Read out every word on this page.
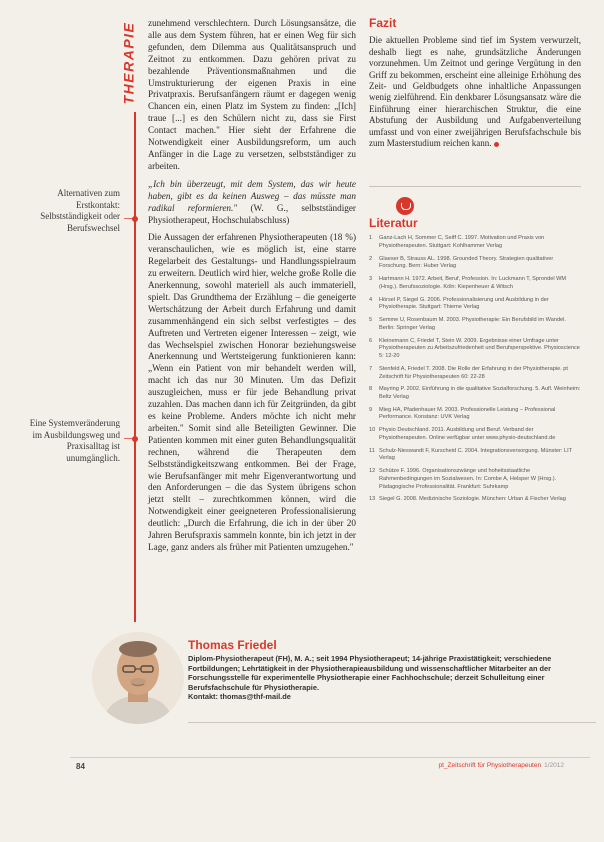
THERAPIE
Alternativen zum Erstkontakt: Selbstständigkeit oder Berufswechsel
Eine Systemveränderung im Ausbildungsweg und Praxisalltag ist unumgänglich.

zunehmend verschlechtern. Durch Lösungsansätze, die alle aus dem System führen, hat er einen Weg für sich gefunden, dem Dilemma aus Qualitätsanspruch und Zeitnot zu entkommen. Dazu gehören privat zu bezahlende Präventionsmaßnahmen und die Umstrukturierung der eigenen Praxis in eine Privatpraxis. Berufsanfängern räumt er dagegen wenig Chancen ein, einen Platz im System zu finden: „[Ich] traue [...] es den Schülern nicht zu, dass sie First Contact machen." Hier sieht der Erfahrene die Notwendigkeit einer Ausbildungsreform, um auch Anfänger in die Lage zu versetzen, selbstständiger zu arbeiten.

„Ich bin überzeugt, mit dem System, das wir heute haben, gibt es da keinen Ausweg – das müsste man radikal reformieren." (W. G., selbstständiger Physiotherapeut, Hochschulabschluss)

Die Aussagen der erfahrenen Physiotherapeuten (18 %) veranschaulichen, wie es möglich ist, eine starre Regelarbeit des Gestaltungs- und Handlungsspielraum zu erweitern. Deutlich wird hier, welche große Rolle die Anerkennung, sowohl materiell als auch immateriell, spielt. Das Grundthema der Erzählung – die geneigerte Wertschätzung der Arbeit durch Erfahrung und damit zusammenhängend ein sich selbst verfestigtes – des Auftreten und Vertreten eigener Interessen – zeigt, wie das Wechselspiel zwischen Honorar beziehungsweise Anerkennung und Wertsteigerung funktionieren kann: „Wenn ein Patient von mir behandelt werden will, macht ich das nur 30 Minuten. Um das Defizit auszugleichen, muss er für jede Behandlung privat zuzahlen. Das machen dann ich für Zeitgründen, da gibt es keine Probleme. Anders möchte ich nicht mehr arbeiten." Somit sind alle Beteiligten Gewinner. Die Patienten kommen mit einer guten Behandlungsqualität rechnen, während die Therapeuten dem Selbstständigkeitszwang entkommen. Bei der Frage, wie Berufsanfänger mit mehr Eigenverantwortung und den Anforderungen – die das System übrigens schon jetzt stellt – zurechtkommen können, wird die Notwendigkeit einer geeigneteren Professionalisierung deutlich: „Durch die Erfahrung, die ich in der über 20 Jahren Berufspraxis sammeln konnte, bin ich jetzt in der Lage, ganz anders als früher mit Patienten umzugehen."

Fazit

Die aktuellen Probleme sind tief im System verwurzelt, deshalb liegt es nahe, grundsätzliche Änderungen vorzunehmen. Um Zeitnot und geringe Vergütung in den Griff zu bekommen, erscheint eine alleinige Erhöhung des Zeit- und Geldbudgets ohne inhaltliche Anpassungen wenig zielführend. Ein denkbarer Lösungsansatz wäre die Einführung einer hierarchischen Struktur, die eine Abstufung der Ausbildung und Aufgabenverteilung umfasst und von einer zweijährigen Berufsfachschule bis zum Masterstudium reichen kann.

Literatur
1 Ganz-Lach H, Sommer C, Seiff C. 1997. Motivation und Praxis von Physiotherapeuten. Stuttgart: Kohlhammer Verlag
2 Glaeser B, Strauss AL. 1998. Grounded Theory. Strategien qualitativer Forschung. Bern: Huber Verlag
3 Hartmann H. 1972. Arbeit, Beruf, Profession. In: Luckmann T, Sprondel WM (Hrsg.). Berufssoziologie. Köln: Kiepenheuer & Witsch
4 Hörsel P, Siegel G. 2006. Professionalisierung und Ausbildung in der Physiotherapie. Stuttgart: Thieme Verlag
5 Semme U, Rosenbaum M. 2003. Physiotherapie: Ein Berufsbild im Wandel. Berlin: Springer Verlag
6 Kleinemann C, Friedel T, Stein W. 2009. Ergebnisse einer Umfrage unter Physiotherapeuten zu Arbeitszufriedenheit und Berufsperspektive. Physioscience 5: 12-20
7 Stenfeld A, Friedel T. 2008. Die Rolle der Erfahrung in der Physiotherapie. pt Zeitschrift für Physiotherapeuten 60: 22-28
8 Mayring P. 2002. Einführung in die qualitative Sozialforschung. 5. Aufl. Weinheim: Beltz Verlag
9 Mieg HA, Pfadenhauer M. 2003. Professionelle Leistung – Professional Performance. Konstanz: UVK Verlag
10 Physio Deutschland. 2011. Ausbildung und Beruf. Verband der Physiotherapeuten. Online verfügbar unter www.physio-deutschland.de
11 Schulz-Nieswandt F, Kurscheid C. 2004. Integrationsversorgung. Münster: LIT Verlag
12 Schütze F. 1996. Organisationszwänge und hoheitsstaatliche Rahmenbedingungen im Sozialwesen. In: Combe A, Helsper W (Hrsg.). Pädagogische Professionalität. Frankfurt: Suhrkamp
13 Siegel G. 2008. Medizinische Soziologie. München: Urban & Fischer Verlag
Thomas Friedel
Diplom-Physiotherapeut (FH), M. A.; seit 1994 Physiotherapeut; 14-jährige Praxistätigkeit; verschiedene Fortbildungen; Lehrtätigkeit in der Physiotherapieausbildung und wissenschaftlicher Mitarbeiter an der Forschungsstelle für experimentelle Physiotherapie einer Fachhochschule; derzeit Schulleitung einer Berufsfachschule für Physiotherapie.
Kontakt: thomas@thf-mail.de
84	pt_Zeitschrift für Physiotherapeuten 1/2012
